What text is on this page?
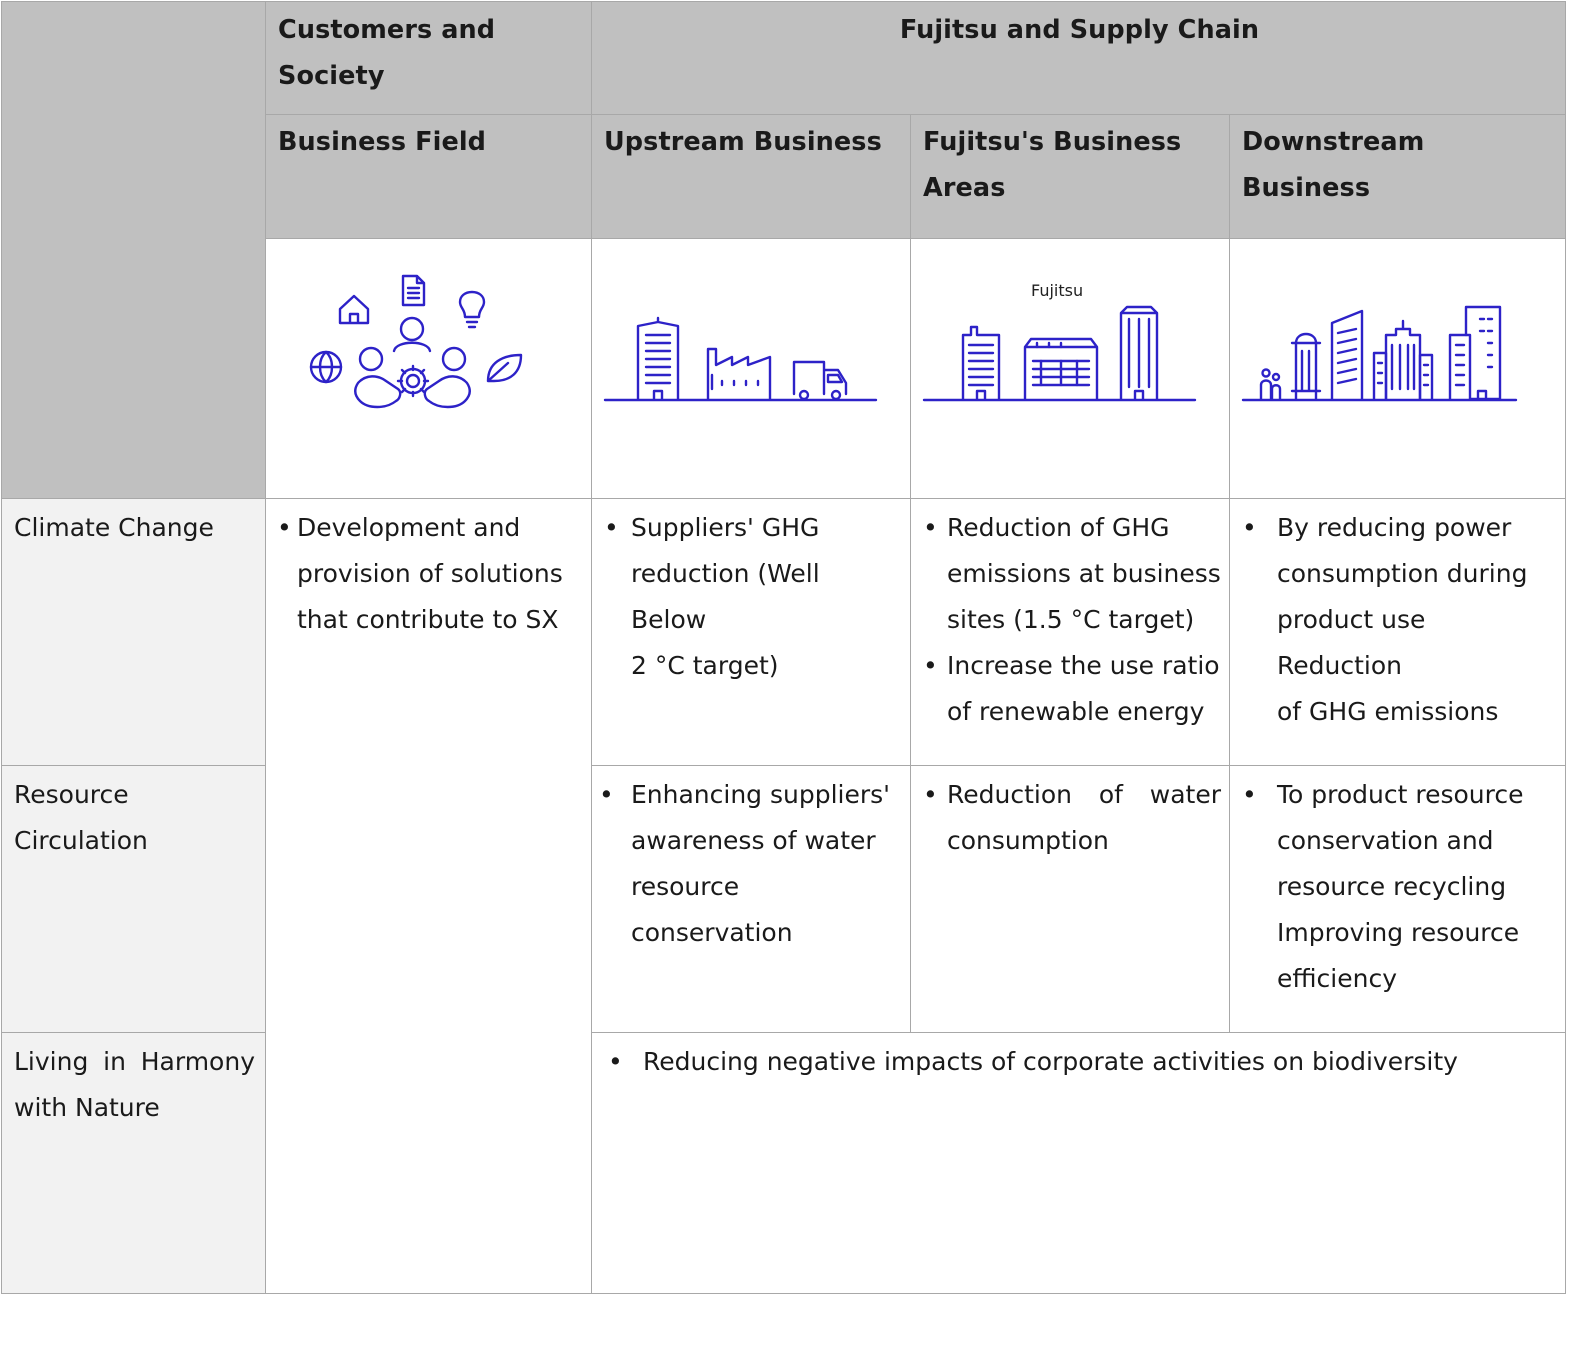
Customers and Society
Fujitsu and Supply Chain
Business Field	Upstream Business	Fujitsu's Business
Areas
Downstream Business
Fujitsu
Climate Change
Resource
Circulation
Living in Harmony
with Nature
• Development and
provision of solutions
that contribute to SX
• Suppliers' GHG
reduction (Well Below
2 °C target)
• Reduction of GHG
emissions at business
sites (1.5 °C target)
• Increase the use ratio
of renewable energy
• By reducing power
consumption during
product use Reduction
of GHG emissions
• Enhancing suppliers'
awareness of water
resource
conservation
• Reduction of water
consumption
• To product resource
conservation and
resource recycling
Improving resource
efficiency
• Reducing negative impacts of corporate activities on biodiversity
